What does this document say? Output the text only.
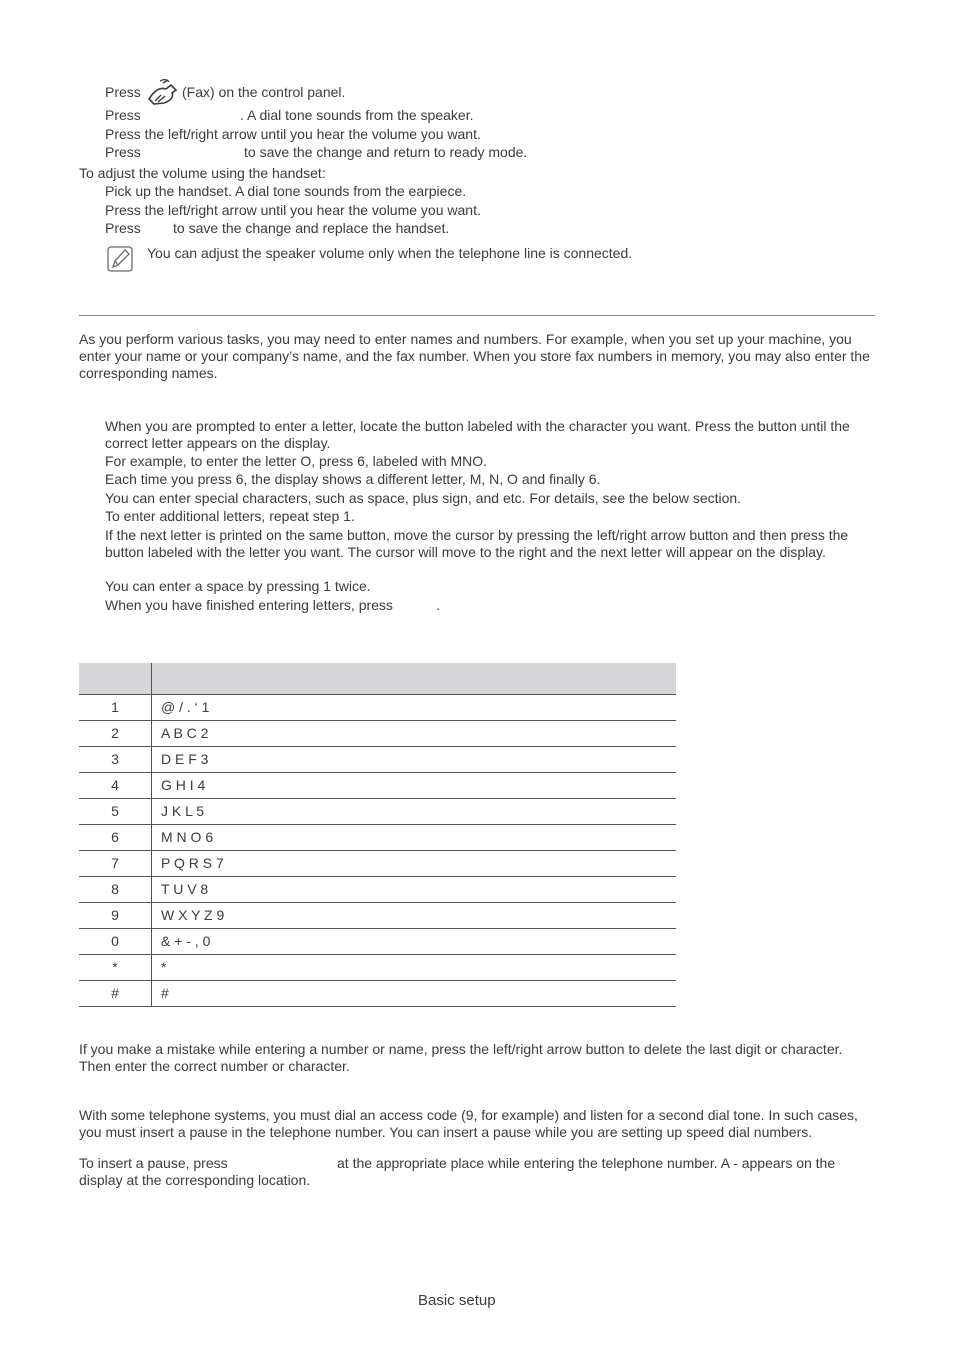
Press	(Fax) on the control panel.
Press	. A dial tone sounds from the speaker.
Press the left/right arrow until you hear the volume you want.
Press	to save the change and return to ready mode.
To adjust the volume using the handset:
Pick up the handset. A dial tone sounds from the earpiece.
Press the left/right arrow until you hear the volume you want.
Press to save the change and replace the handset.
You can adjust the speaker volume only when the telephone line is connected.
As you perform various tasks, you may need to enter names and numbers. For example, when you set up your machine, you enter your name or your company’s name, and the fax number. When you store fax numbers in memory, you may also enter the corresponding names.
When you are prompted to enter a letter, locate the button labeled with the character you want. Press the button until the correct letter appears on the display.
For example, to enter the letter O, press 6, labeled with MNO.
Each time you press 6, the display shows a different letter, M, N, O and finally 6.
You can enter special characters, such as space, plus sign, and etc. For details, see the below section.
To enter additional letters, repeat step 1.
If the next letter is printed on the same button, move the cursor by pressing the left/right arrow button and then press the button labeled with the letter you want. The cursor will move to the right and the next letter will appear on the display.
You can enter a space by pressing 1 twice.
When you have finished entering letters, press	.

1	@ / . ‘ 1
2	A B C 2
3	D E F 3
4	G H I 4
5	J K L 5
6	M N O 6
7	P Q R S 7
8	T U V 8
9	W X Y Z 9
0	& + - , 0
*	*
#	#
If you make a mistake while entering a number or name, press the left/right arrow button to delete the last digit or character. Then enter the correct number or character.
With some telephone systems, you must dial an access code (9, for example) and listen for a second dial tone. In such cases, you must insert a pause in the telephone number. You can insert a pause while you are setting up speed dial numbers.
To insert a pause, press	at the appropriate place while entering the telephone number. A - appears on the display at the corresponding location.
Basic setup
